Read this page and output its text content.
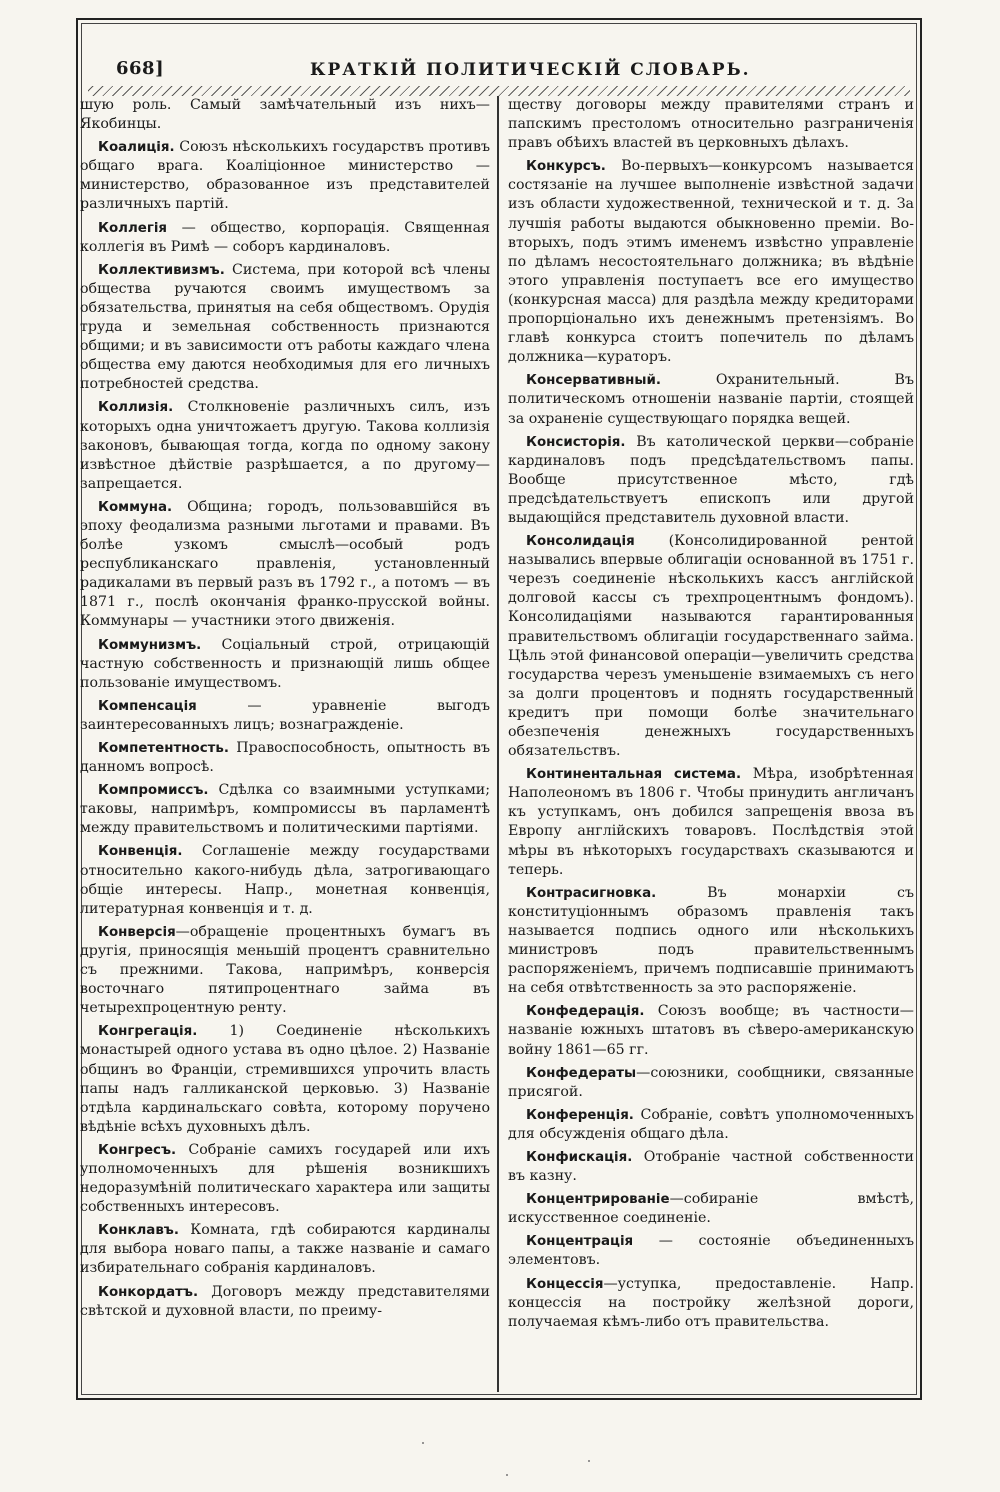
668]	КРАТКІЙ ПОЛИТИЧЕСКІЙ СЛОВАРЬ.

шую роль. Самый замѣчательный изъ нихъ— Якобинцы.

Коалиція. Союзъ нѣсколькихъ государствъ противъ общаго врага. Коаліціонное министерство — министерство, образованное изъ представителей различныхъ партій.

Коллегія — общество, корпорація. Священная коллегія въ Римѣ — соборъ кардиналовъ.

Коллективизмъ. Система, при которой всѣ члены общества ручаются своимъ имуществомъ за обязательства, принятыя на себя обществомъ. Орудія труда и земельная собственность признаются общими; и въ зависимости отъ работы каждаго члена общества ему даются необходимыя для его личныхъ потребностей средства.

Коллизія. Столкновеніе различныхъ силъ, изъ которыхъ одна уничтожаетъ другую. Такова коллизія законовъ, бывающая тогда, когда по одному закону извѣстное дѣйствіе разрѣшается, а по другому—запрещается.

Коммуна. Община; городъ, пользовавшійся въ эпоху феодализма разными льготами и правами. Въ болѣе узкомъ смыслѣ—особый родъ республиканскаго правленія, установленный радикалами въ первый разъ въ 1792 г., а потомъ — въ 1871 г., послѣ окончанія франко-прусской войны. Коммунары — участники этого движенія.

Коммунизмъ. Соціальный строй, отрицающій частную собственность и признающій лишь общее пользованіе имуществомъ.

Компенсація — уравненіе выгодъ заинтересованныхъ лицъ; вознагражденіе.

Компетентность. Правоспособность, опытность въ данномъ вопросѣ.

Компромиссъ. Сдѣлка со взаимными уступками; таковы, напримѣръ, компромиссы въ парламентѣ между правительствомъ и политическими партіями.

Конвенція. Соглашеніе между государствами относительно какого-нибудь дѣла, затрогивающаго общіе интересы. Напр., монетная конвенція, литературная конвенція и т. д.

Конверсія—обращеніе процентныхъ бумагъ въ другія, приносящія меньшій процентъ сравнительно съ прежними. Такова, напримѣръ, конверсія восточнаго пятипроцентнаго займа въ четырехпроцентную ренту.

Конгрегація. 1) Соединеніе нѣсколькихъ монастырей одного устава въ одно цѣлое. 2) Названіе общинъ во Франціи, стремившихся упрочить власть папы надъ галликанской церковью. 3) Названіе отдѣла кардинальскаго совѣта, которому поручено вѣдѣніе всѣхъ духовныхъ дѣлъ.

Конгресъ. Собраніе самихъ государей или ихъ уполномоченныхъ для рѣшенія возникшихъ недоразумѣній политическаго характера или защиты собственныхъ интересовъ.

Конклавъ. Комната, гдѣ собираются кардиналы для выбора новаго папы, а также названіе и самаго избирательнаго собранія кардиналовъ.

Конкордатъ. Договоръ между представителями свѣтской и духовной власти, по преиму-

ществу договоры между правителями странъ и папскимъ престоломъ относительно разграниченія правъ обѣихъ властей въ церковныхъ дѣлахъ.

Конкурсъ. Во-первыхъ—конкурсомъ называется состязаніе на лучшее выполненіе извѣстной задачи изъ области художественной, технической и т. д. За лучшія работы выдаются обыкновенно преміи. Во-вторыхъ, подъ этимъ именемъ извѣстно управленіе по дѣламъ несостоятельнаго должника; въ вѣдѣніе этого управленія поступаетъ все его имущество (конкурсная масса) для раздѣла между кредиторами пропорціонально ихъ денежнымъ претензіямъ. Во главѣ конкурса стоитъ попечитель по дѣламъ должника—кураторъ.

Консервативный. Охранительный. Въ политическомъ отношеніи названіе партіи, стоящей за охраненіе существующаго порядка вещей.

Консисторія. Въ католической церкви—собраніе кардиналовъ подъ предсѣдательствомъ папы. Вообще присутственное мѣсто, гдѣ предсѣдательствуетъ епископъ или другой выдающійся представитель духовной власти.

Консолидація (Консолидированной рентой назывались впервые облигаціи основанной въ 1751 г. черезъ соединеніе нѣсколькихъ кассъ англійской долговой кассы съ трехпроцентнымъ фондомъ). Консолидаціями называются гарантированныя правительствомъ облигаціи государственнаго займа. Цѣль этой финансовой операціи—увеличить средства государства черезъ уменьшеніе взимаемыхъ съ него за долги процентовъ и поднять государственный кредитъ при помощи болѣе значительнаго обезпеченія денежныхъ государственныхъ обязательствъ.

Континентальная система. Мѣра, изобрѣтенная Наполеономъ въ 1806 г. Чтобы принудить англичанъ къ уступкамъ, онъ добился запрещенія ввоза въ Европу англійскихъ товаровъ. Послѣдствія этой мѣры въ нѣкоторыхъ государствахъ сказываются и теперь.

Контрасигновка. Въ монархіи съ конституціоннымъ образомъ правленія такъ называется подпись одного или нѣсколькихъ министровъ подъ правительственнымъ распоряженіемъ, причемъ подписавшіе принимаютъ на себя отвѣтственность за это распоряженіе.

Конфедерація. Союзъ вообще; въ частности—названіе южныхъ штатовъ въ сѣверо-американскую войну 1861—65 гг.

Конфедераты—союзники, сообщники, связанные присягой.

Конференція. Собраніе, совѣтъ уполномоченныхъ для обсужденія общаго дѣла.

Конфискація. Отобраніе частной собственности въ казну.

Концентрированіе—собираніе вмѣстѣ, искусственное соединеніе.

Концентрація — состояніе объединенныхъ элементовъ.

Концессія—уступка, предоставленіе. Напр. концессія на постройку желѣзной дороги, получаемая кѣмъ-либо отъ правительства.
